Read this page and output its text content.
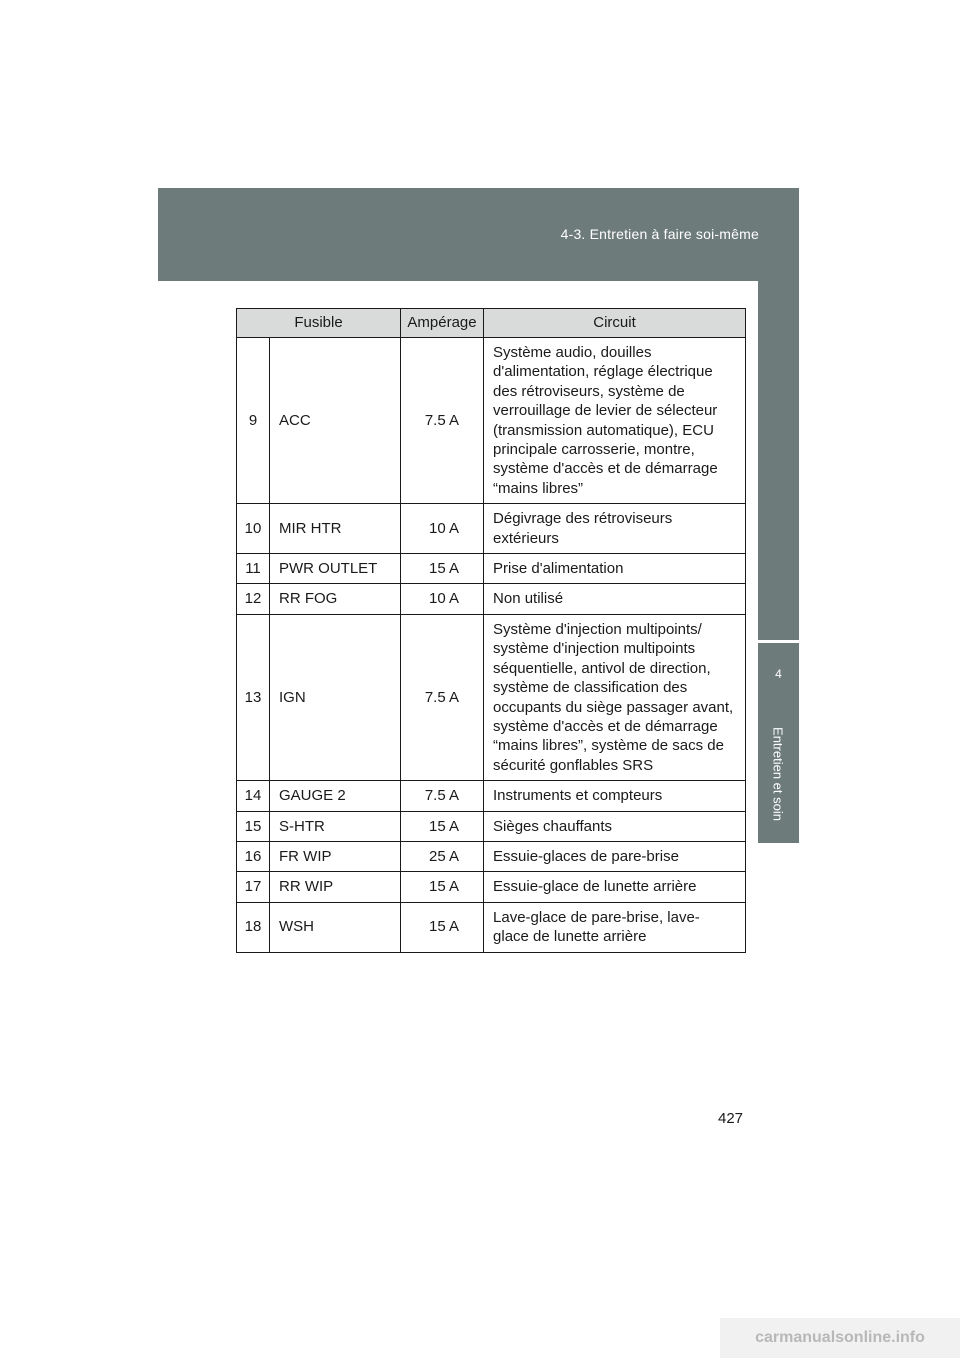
4-3. Entretien à faire soi-même
4
Entretien et soin
Fusible		Ampérage	Circuit
9	ACC	7.5 A	Système audio, douilles d'alimentation, réglage électrique des rétroviseurs, système de verrouillage de levier de sélecteur (transmission automatique), ECU principale carrosserie, montre, système d'accès et de démarrage “mains libres”
10	MIR HTR	10 A	Dégivrage des rétroviseurs extérieurs
11	PWR OUTLET	15 A	Prise d'alimentation
12	RR FOG	10 A	Non utilisé
13	IGN	7.5 A	Système d'injection multipoints/ système d'injection multipoints séquentielle, antivol de direction, système de classification des occupants du siège passager avant, système d'accès et de démarrage “mains libres”, système de sacs de sécurité gonflables SRS
14	GAUGE 2	7.5 A	Instruments et compteurs
15	S-HTR	15 A	Sièges chauffants
16	FR WIP	25 A	Essuie-glaces de pare-brise
17	RR WIP	15 A	Essuie-glace de lunette arrière
18	WSH	15 A	Lave-glace de pare-brise, lave-glace de lunette arrière
427
carmanualsonline.info
